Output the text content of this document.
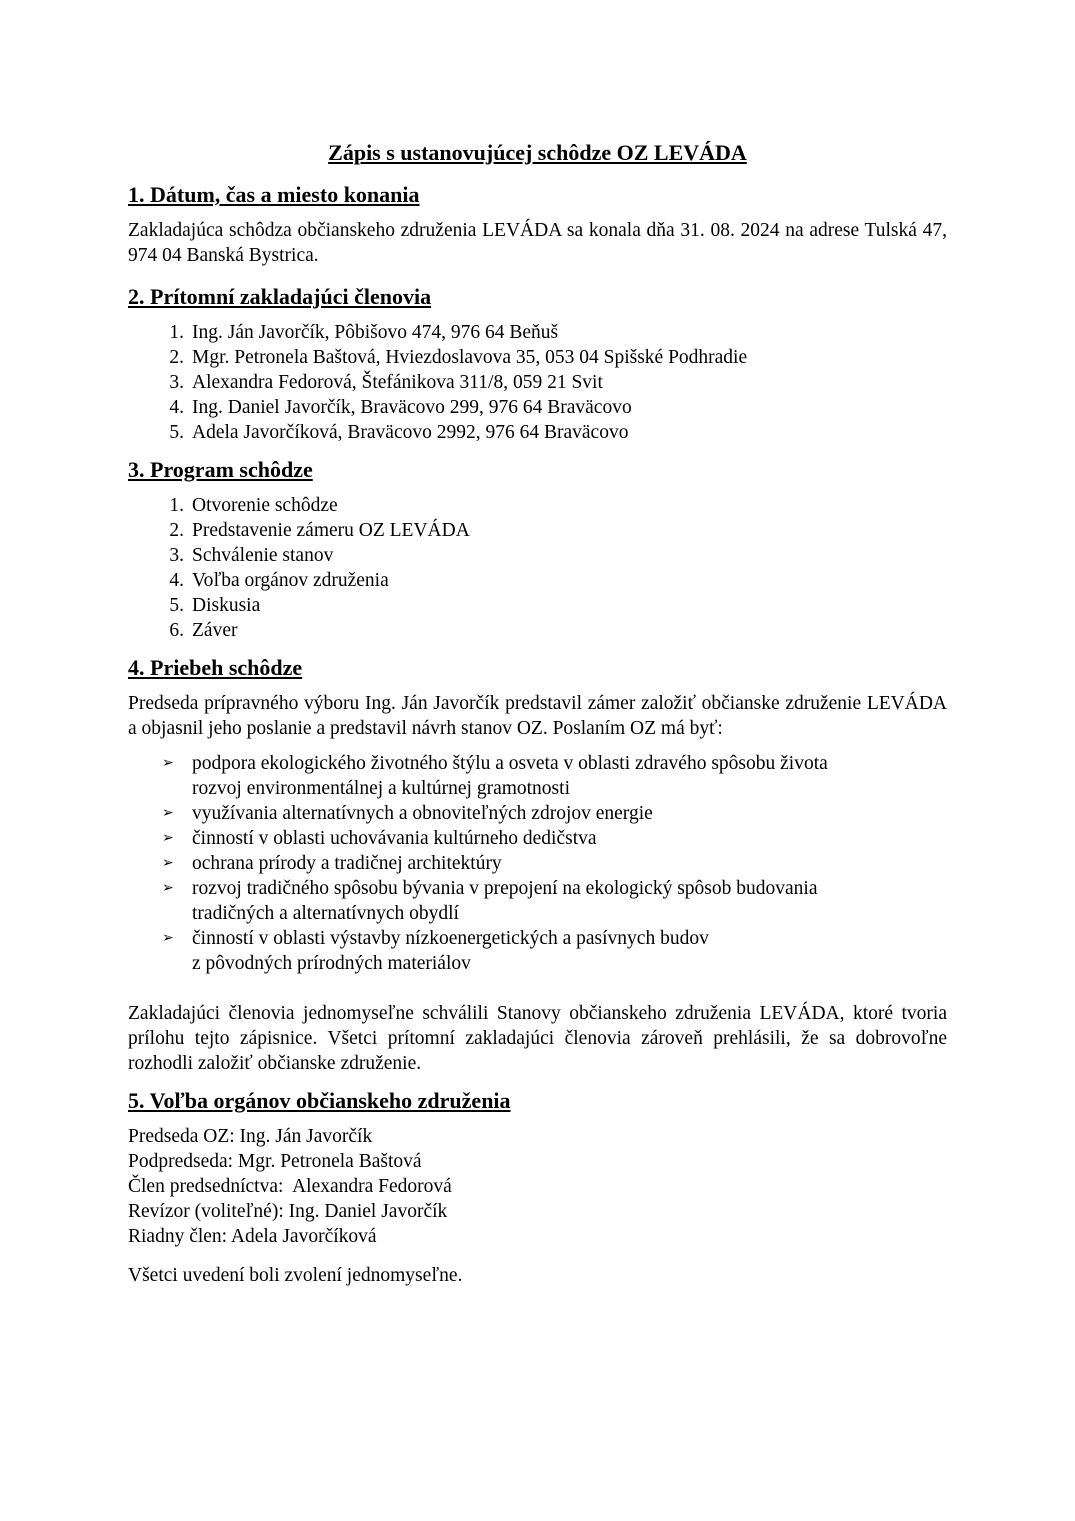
Zápis s ustanovujúcej schôdze OZ LEVÁDA
1. Dátum, čas a miesto konania

Zakladajúca schôdza občianskeho združenia LEVÁDA sa konala dňa 31. 08. 2024 na adrese Tulská 47, 974 04 Banská Bystrica.

2. Prítomní zakladajúci členovia
1. Ing. Ján Javorčík, Pôbišovo 474, 976 64 Beňuš
2. Mgr. Petronela Baštová, Hviezdoslavova 35, 053 04 Spišské Podhradie
3. Alexandra Fedorová, Štefánikova 311/8, 059 21 Svit
4. Ing. Daniel Javorčík, Braväcovo 299, 976 64 Braväcovo
5. Adela Javorčíková, Braväcovo 2992, 976 64 Braväcovo
3. Program schôdze
1. Otvorenie schôdze
2. Predstavenie zámeru OZ LEVÁDA
3. Schválenie stanov
4. Voľba orgánov združenia
5. Diskusia
6. Záver
4. Priebeh schôdze

Predseda prípravného výboru Ing. Ján Javorčík predstavil zámer založiť občianske združenie LEVÁDA a objasnil jeho poslanie a predstavil návrh stanov OZ. Poslaním OZ má byť:

➢ podpora ekologického životného štýlu a osveta v oblasti zdravého spôsobu života
rozvoj environmentálnej a kultúrnej gramotnosti
➢ využívania alternatívnych a obnoviteľných zdrojov energie
➢ činností v oblasti uchovávania kultúrneho dedičstva
➢ ochrana prírody a tradičnej architektúry
➢ rozvoj tradičného spôsobu bývania v prepojení na ekologický spôsob budovania
tradičných a alternatívnych obydlí
➢ činností v oblasti výstavby nízkoenergetických a pasívnych budov
z pôvodných prírodných materiálov

Zakladajúci členovia jednomyseľne schválili Stanovy občianskeho združenia LEVÁDA, ktoré tvoria prílohu tejto zápisnice. Všetci prítomní zakladajúci členovia zároveň prehlásili, že sa dobrovoľne rozhodli založiť občianske združenie.

5. Voľba orgánov občianskeho združenia

Predseda OZ: Ing. Ján Javorčík

Podpredseda: Mgr. Petronela Baštová

Člen predsedníctva:  Alexandra Fedorová

Revízor (voliteľné): Ing. Daniel Javorčík

Riadny člen: Adela Javorčíková

Všetci uvedení boli zvolení jednomyseľne.
